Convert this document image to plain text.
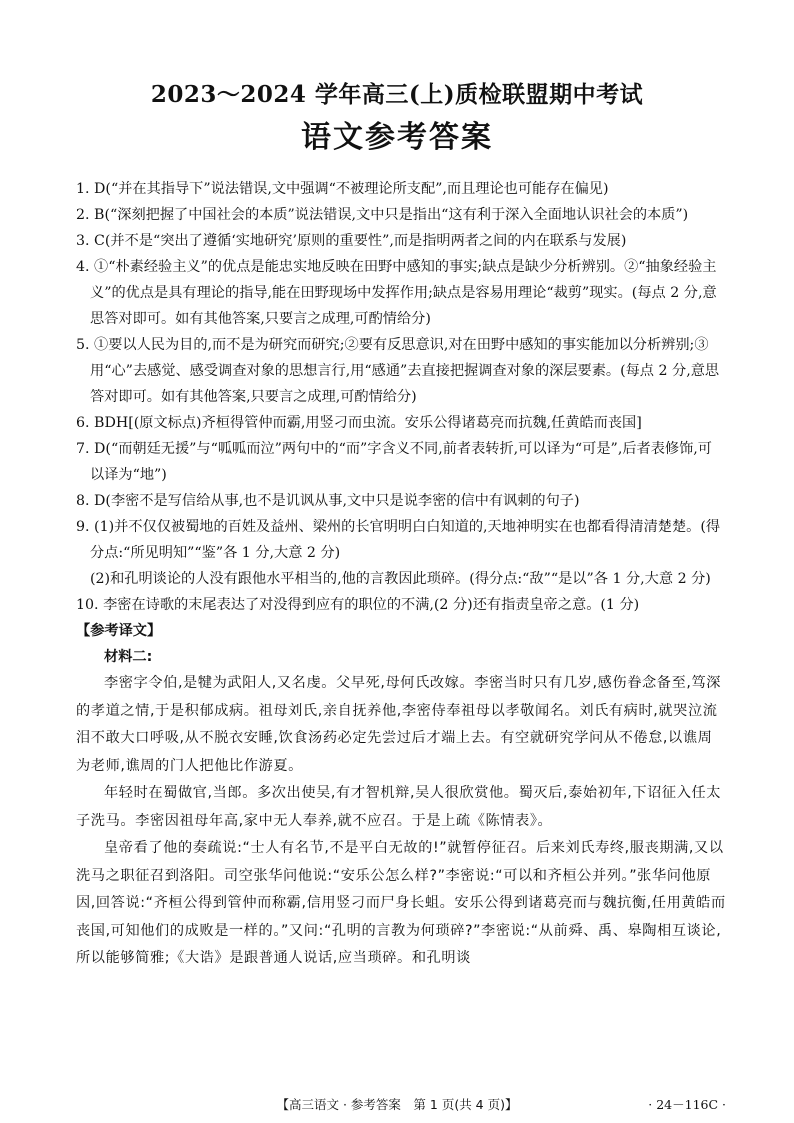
2023～2024 学年高三(上)质检联盟期中考试
语文参考答案
1. D(“并在其指导下”说法错误,文中强调“不被理论所支配”,而且理论也可能存在偏见)
2. B(“深刻把握了中国社会的本质”说法错误,文中只是指出“这有利于深入全面地认识社会的本质”)
3. C(并不是“突出了遵循‘实地研究’原则的重要性”,而是指明两者之间的内在联系与发展)
4. ①“朴素经验主义”的优点是能忠实地反映在田野中感知的事实;缺点是缺少分析辨别。②“抽象经验主义”的优点是具有理论的指导,能在田野现场中发挥作用;缺点是容易用理论“裁剪”现实。(每点 2 分,意思答对即可。如有其他答案,只要言之成理,可酌情给分)
5. ①要以人民为目的,而不是为研究而研究;②要有反思意识,对在田野中感知的事实能加以分析辨别;③用“心”去感觉、感受调查对象的思想言行,用“感通”去直接把握调查对象的深层要素。(每点 2 分,意思答对即可。如有其他答案,只要言之成理,可酌情给分)
6. BDH[(原文标点)齐桓得管仲而霸,用竖刁而虫流。安乐公得诸葛亮而抗魏,任黄皓而丧国]
7. D(“而朝廷无援”与“呱呱而泣”两句中的“而”字含义不同,前者表转折,可以译为“可是”,后者表修饰,可以译为“地”)
8. D(李密不是写信给从事,也不是讥讽从事,文中只是说李密的信中有讽刺的句子)
9. (1)并不仅仅被蜀地的百姓及益州、梁州的长官明明白白知道的,天地神明实在也都看得清清楚楚。(得分点:“所见明知”“鉴”各 1 分,大意 2 分)
(2)和孔明谈论的人没有跟他水平相当的,他的言教因此琐碎。(得分点:“敌”“是以”各 1 分,大意 2 分)
10. 李密在诗歌的末尾表达了对没得到应有的职位的不满,(2 分)还有指责皇帝之意。(1 分)
【参考译文】
材料二:

李密字令伯,是犍为武阳人,又名虔。父早死,母何氏改嫁。李密当时只有几岁,感伤眷念备至,笃深的孝道之情,于是积郁成病。祖母刘氏,亲自抚养他,李密侍奉祖母以孝敬闻名。刘氏有病时,就哭泣流泪不敢大口呼吸,从不脱衣安睡,饮食汤药必定先尝过后才端上去。有空就研究学问从不倦怠,以谯周为老师,谯周的门人把他比作游夏。

年轻时在蜀做官,当郎。多次出使吴,有才智机辩,吴人很欣赏他。蜀灭后,泰始初年,下诏征入任太子洗马。李密因祖母年高,家中无人奉养,就不应召。于是上疏《陈情表》。

皇帝看了他的奏疏说:“士人有名节,不是平白无故的!”就暂停征召。后来刘氏寿终,服丧期满,又以洗马之职征召到洛阳。司空张华问他说:“安乐公怎么样?”李密说:“可以和齐桓公并列。”张华问他原因,回答说:“齐桓公得到管仲而称霸,信用竖刁而尸身长蛆。安乐公得到诸葛亮而与魏抗衡,任用黄皓而丧国,可知他们的成败是一样的。”又问:“孔明的言教为何琐碎?”李密说:“从前舜、禹、皋陶相互谈论,所以能够简雅;《大诰》是跟普通人说话,应当琐碎。和孔明谈

【高三语文 · 参考答案　第 1 页(共 4 页)】	· 24－116C ·
